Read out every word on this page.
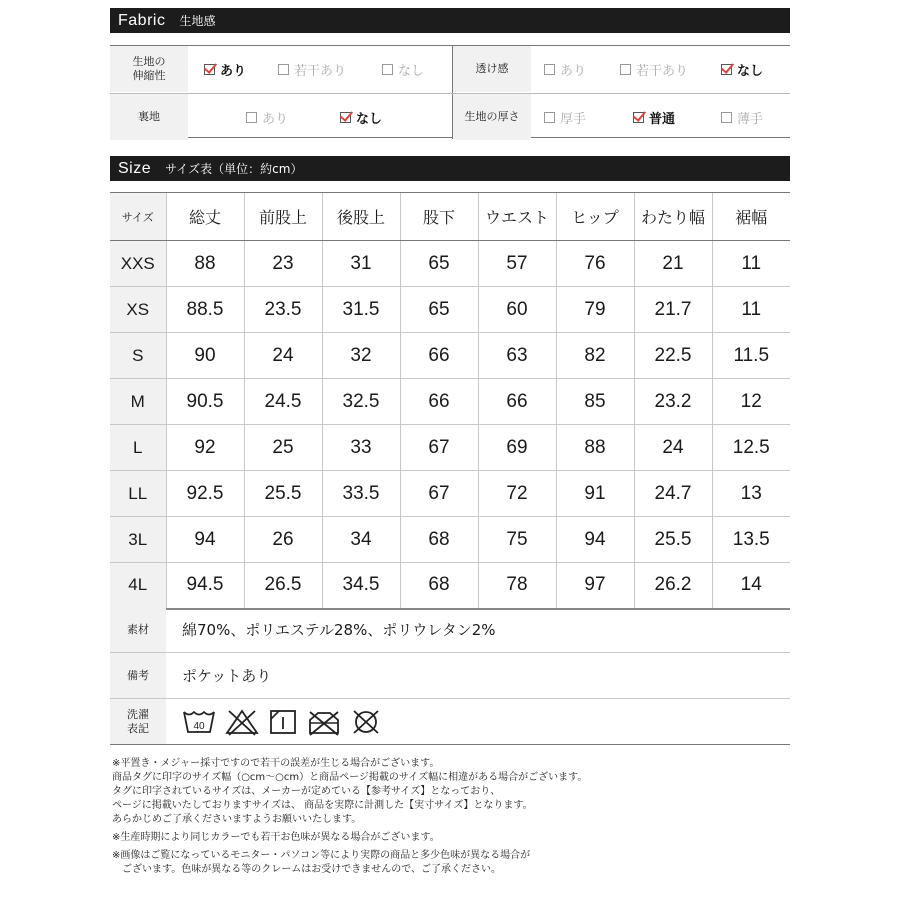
Fabric 生地感
生地の
伸縮性	あり	若干あり	なし	透け感	あり	若干あり	なし
裏地	あり	なし	生地の厚さ	厚手	普通	薄手
Size サイズ表（単位：約cm）
サイズ	総丈	前股上	後股上	股下	ウエスト	ヒップ	わたり幅	裾幅
XXS	88	23	31	65	57	76	21	11
XS	88.5	23.5	31.5	65	60	79	21.7	11
S	90	24	32	66	63	82	22.5	11.5
M	90.5	24.5	32.5	66	66	85	23.2	12
L	92	25	33	67	69	88	24	12.5
LL	92.5	25.5	33.5	67	72	91	24.7	13
3L	94	26	34	68	75	94	25.5	13.5
4L	94.5	26.5	34.5	68	78	97	26.2	14
素材	綿70%、ポリエステル28%、ポリウレタン2%
備考	ポケットあり
洗濯
表記	40

※平置き・メジャー採寸ですので若干の誤差が生じる場合がございます。

商品タグに印字のサイズ幅（○cm～○cm）と商品ページ掲載のサイズ幅に相違がある場合がございます。

タグに印字されているサイズは、メーカーが定めている【参考サイズ】となっており、

ページに掲載いたしておりますサイズは、 商品を実際に計測した【実寸サイズ】となります。

あらかじめご了承くださいますようお願いいたします。

※生産時期により同じカラーでも若干お色味が異なる場合がございます。

※画像はご覧になっているモニター・パソコン等により実際の商品と多少色味が異なる場合が

　ございます。色味が異なる等のクレームはお受けできませんので、ご了承ください。
